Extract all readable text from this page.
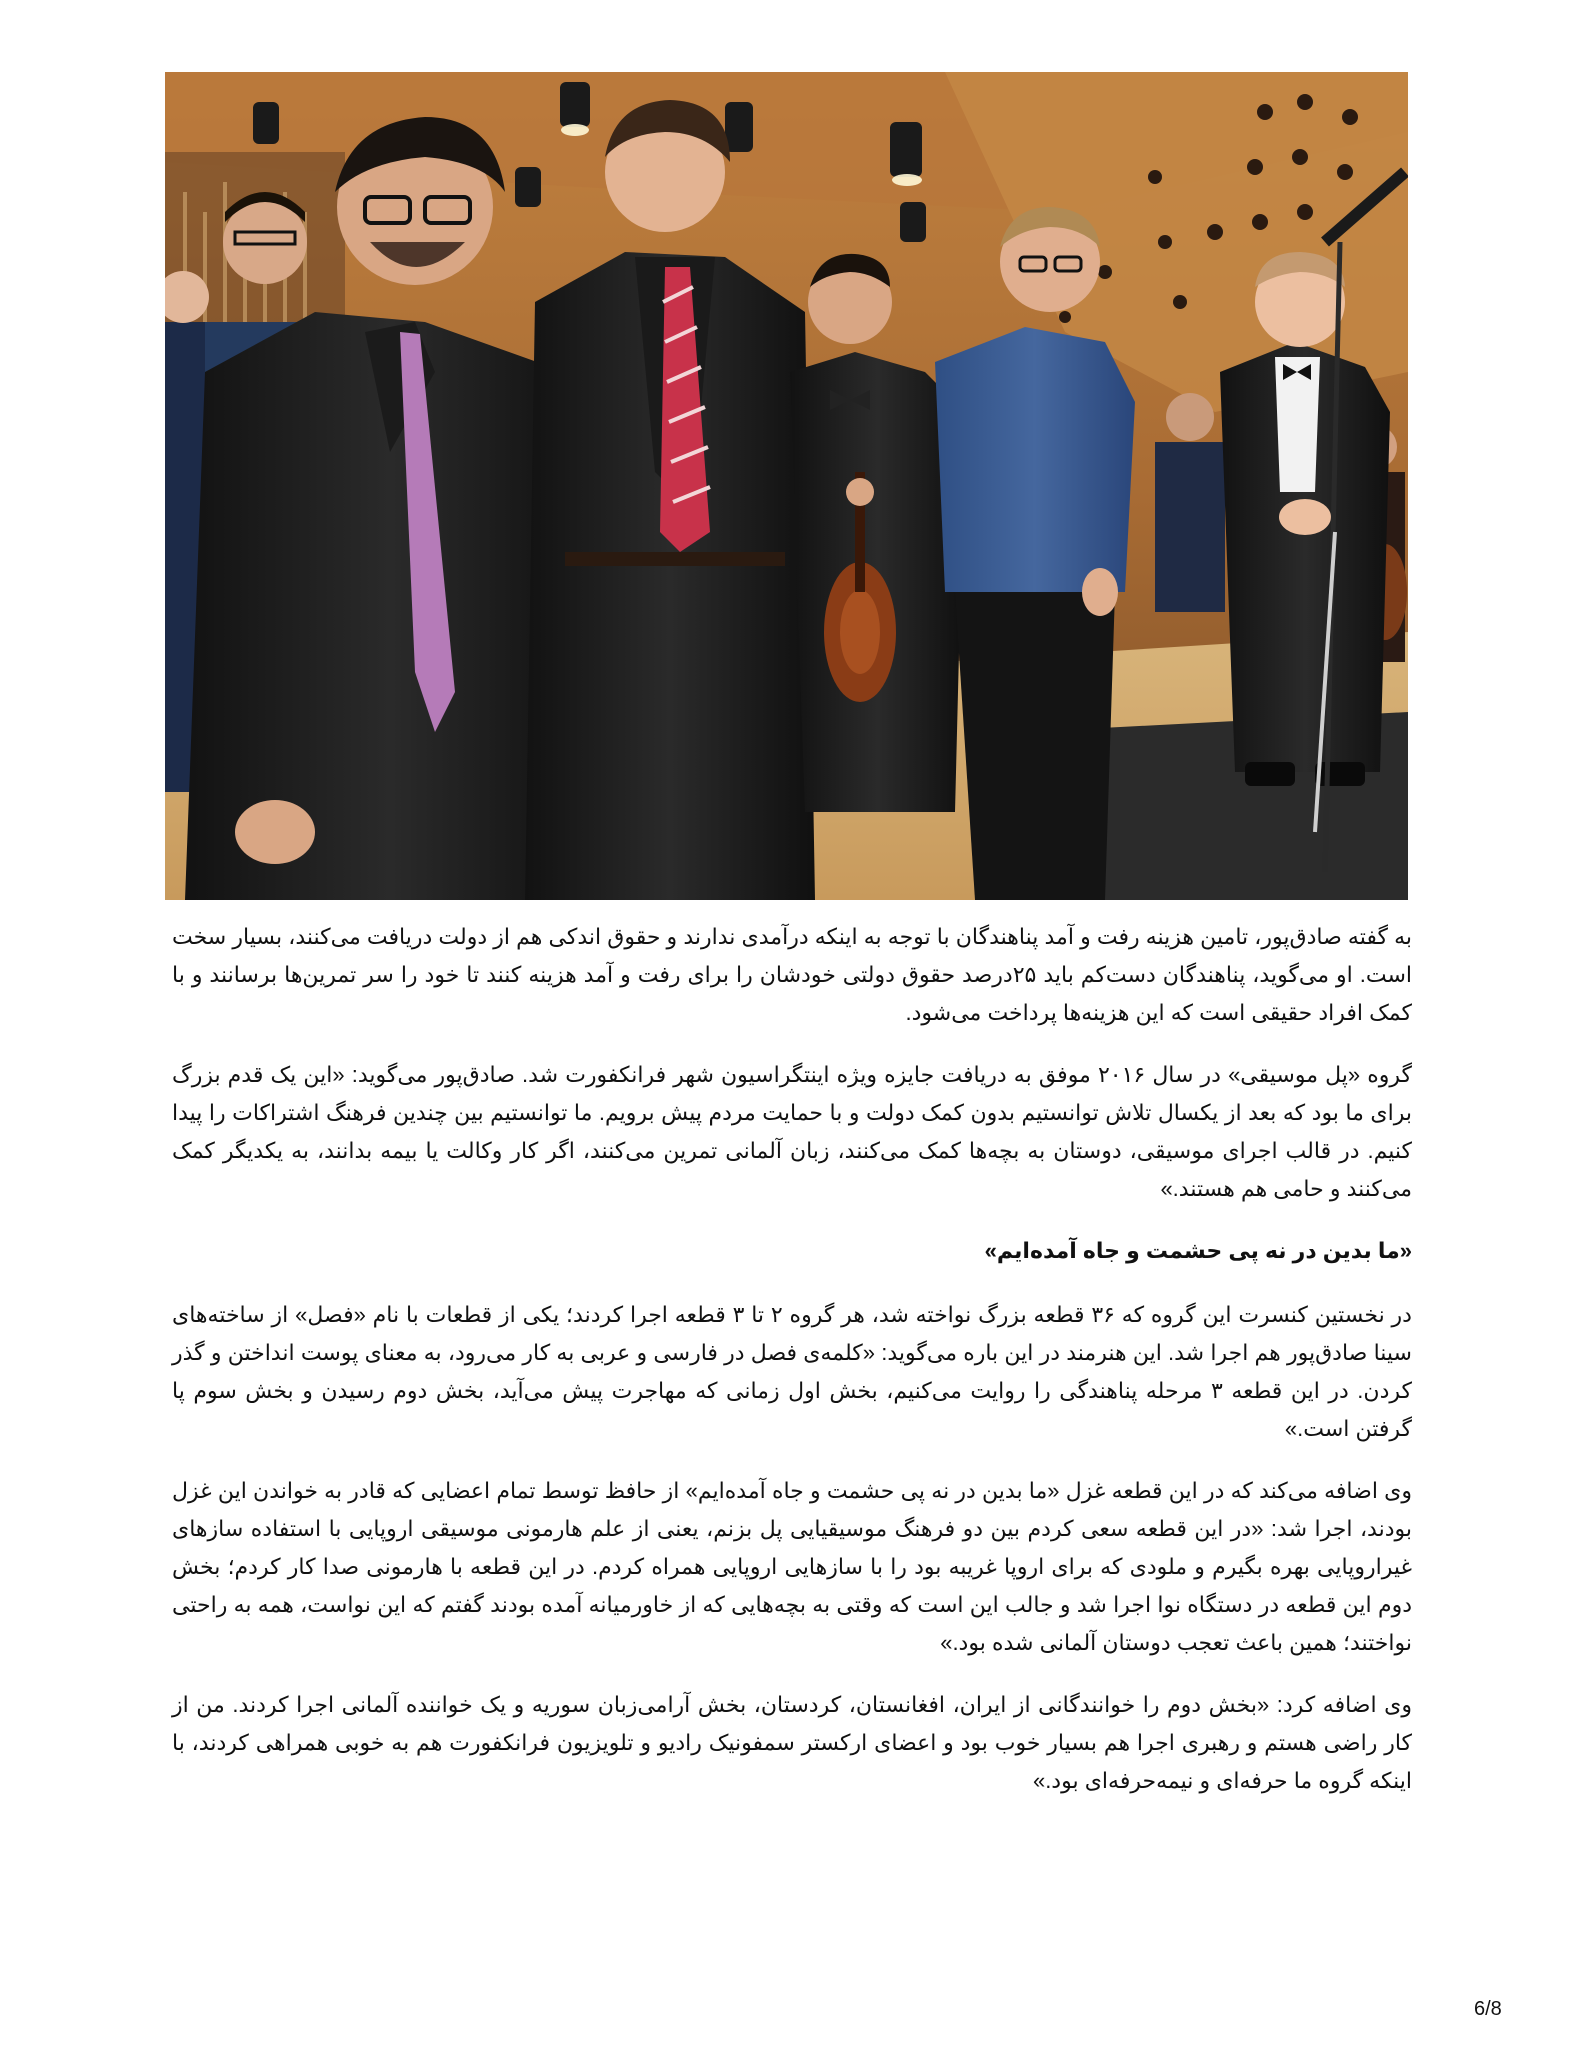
به گفته صادق‌پور، تامین هزینه رفت و آمد پناهندگان با توجه به اینکه درآمدی ندارند و حقوق اندکی هم از دولت دریافت می‌کنند، بسیار سخت است. او می‌گوید، پناهندگان دست‌کم باید ۲۵درصد حقوق دولتی خودشان را برای رفت و آمد هزینه کنند تا خود را سر تمرین‌ها برسانند و با کمک افراد حقیقی است که این هزینه‌ها پرداخت می‌شود.

گروه «پل موسیقی» در سال ۲۰۱۶ موفق به دریافت جایزه ویژه اینتگراسیون شهر فرانکفورت شد. صادق‌پور می‌گوید: «این یک قدم بزرگ برای ما بود که بعد از یکسال تلاش توانستیم بدون کمک دولت و با حمایت مردم پیش برویم. ما توانستیم بین چندین فرهنگ اشتراکات را پیدا کنیم. در قالب اجرای موسیقی، دوستان به بچه‌ها کمک می‌کنند، زبان آلمانی تمرین می‌کنند، اگر کار وکالت یا بیمه بدانند، به یکدیگر کمک می‌کنند و حامی هم هستند.»

«ما بدین در نه پی حشمت و جاه آمده‌ایم»

در نخستین کنسرت این گروه که ۳۶ قطعه بزرگ نواخته شد، هر گروه ۲ تا ۳ قطعه اجرا کردند؛ یکی از قطعات با نام «فصل» از ساخته‌های سینا صادق‌پور هم اجرا شد. این هنرمند در این باره می‌گوید: «کلمه‌ی فصل در فارسی و عربی به کار می‌رود، به معنای پوست انداختن و گذر کردن. در این قطعه ۳ مرحله پناهندگی را روایت می‌کنیم، بخش اول زمانی که مهاجرت پیش می‌آید، بخش دوم رسیدن و بخش سوم پا گرفتن است.»

وی اضافه می‌کند که در این قطعه غزل «ما بدین در نه پی حشمت و جاه آمده‌ایم» از حافظ توسط تمام اعضایی که قادر به خواندن این غزل بودند، اجرا شد: «در این قطعه سعی کردم بین دو فرهنگ موسیقیایی پل بزنم، یعنی از علم هارمونی موسیقی اروپایی با استفاده سازهای غیراروپایی بهره بگیرم و ملودی که برای اروپا غریبه بود را با سازهایی اروپایی همراه کردم. در این قطعه با هارمونی صدا کار کردم؛ بخش دوم این قطعه در دستگاه نوا اجرا شد و جالب این است که وقتی به بچه‌هایی که از خاورمیانه آمده بودند گفتم که این نواست، همه به راحتی نواختند؛ همین باعث تعجب دوستان آلمانی شده بود.»

وی اضافه کرد: «بخش دوم را خوانندگانی از ایران، افغانستان، کردستان، بخش آرامی‌زبان سوریه و یک خواننده آلمانی اجرا کردند. من از کار راضی هستم و رهبری اجرا هم بسیار خوب بود و اعضای ارکستر سمفونیک رادیو و تلویزیون فرانکفورت هم به خوبی همراهی کردند، با اینکه گروه ما حرفه‌ای و نیمه‌حرفه‌ای بود.»

6/8
